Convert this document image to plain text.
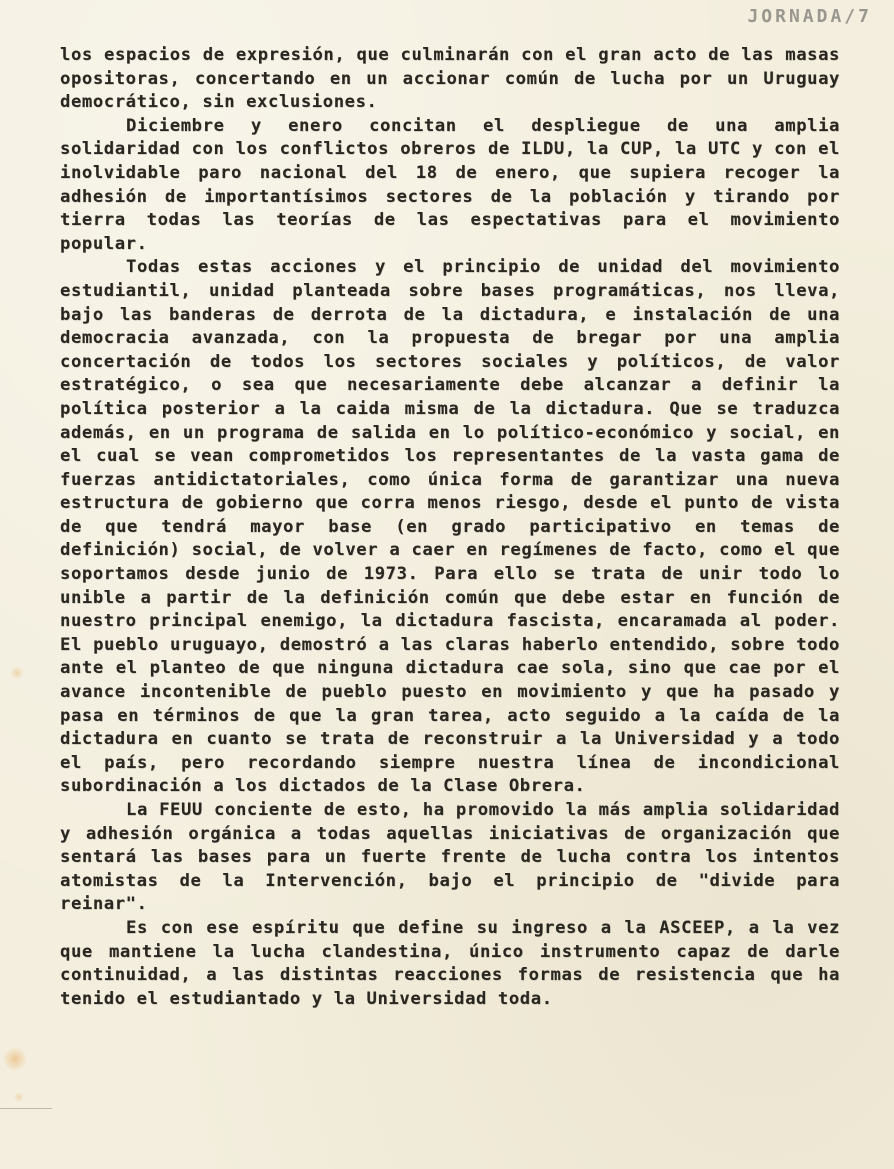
JORNADA/7

los espacios de expresión, que culminarán con el gran acto de las masas opositoras, concertando en un accionar común de lucha por un Uruguay democrático, sin exclusiones.

Diciembre y enero concitan el despliegue de una amplia solidaridad con los conflictos obreros de ILDU, la CUP, la UTC y con el inolvidable paro nacional del 18 de enero, que supiera recoger la adhesión de importantísimos sectores de la población y tirando por tierra todas las teorías de las espectativas para el movimiento popular.

Todas estas acciones y el principio de unidad del movimiento estudiantil, unidad planteada sobre bases programáticas, nos lleva, bajo las banderas de derrota de la dictadura, e instalación de una democracia avanzada, con la propuesta de bregar por una amplia concertación de todos los sectores sociales y políticos, de valor estratégico, o sea que necesariamente debe alcanzar a definir la política posterior a la caida misma de la dictadura. Que se traduzca además, en un programa de salida en lo político-económico y social, en el cual se vean comprometidos los representantes de la vasta gama de fuerzas antidictatoriales, como única forma de garantizar una nueva estructura de gobierno que corra menos riesgo, desde el punto de vista de que tendrá mayor base (en grado participativo en temas de definición) social, de volver a caer en regímenes de facto, como el que soportamos desde junio de 1973. Para ello se trata de unir todo lo unible a partir de la definición común que debe estar en función de nuestro principal enemigo, la dictadura fascista, encaramada al poder. El pueblo uruguayo, demostró a las claras haberlo entendido, sobre todo ante el planteo de que ninguna dictadura cae sola, sino que cae por el avance incontenible de pueblo puesto en movimiento y que ha pasado y pasa en términos de que la gran tarea, acto seguido a la caída de la dictadura en cuanto se trata de reconstruir a la Universidad y a todo el país, pero recordando siempre nuestra línea de incondicional subordinación a los dictados de la Clase Obrera.

La FEUU conciente de esto, ha promovido la más amplia solidaridad y adhesión orgánica a todas aquellas iniciativas de organización que sentará las bases para un fuerte frente de lucha contra los intentos atomistas de la Intervención, bajo el principio de "divide para reinar".

Es con ese espíritu que define su ingreso a la ASCEEP, a la vez que mantiene la lucha clandestina, único instrumento capaz de darle continuidad, a las distintas reacciones formas de resistencia que ha tenido el estudiantado y la Universidad toda.
